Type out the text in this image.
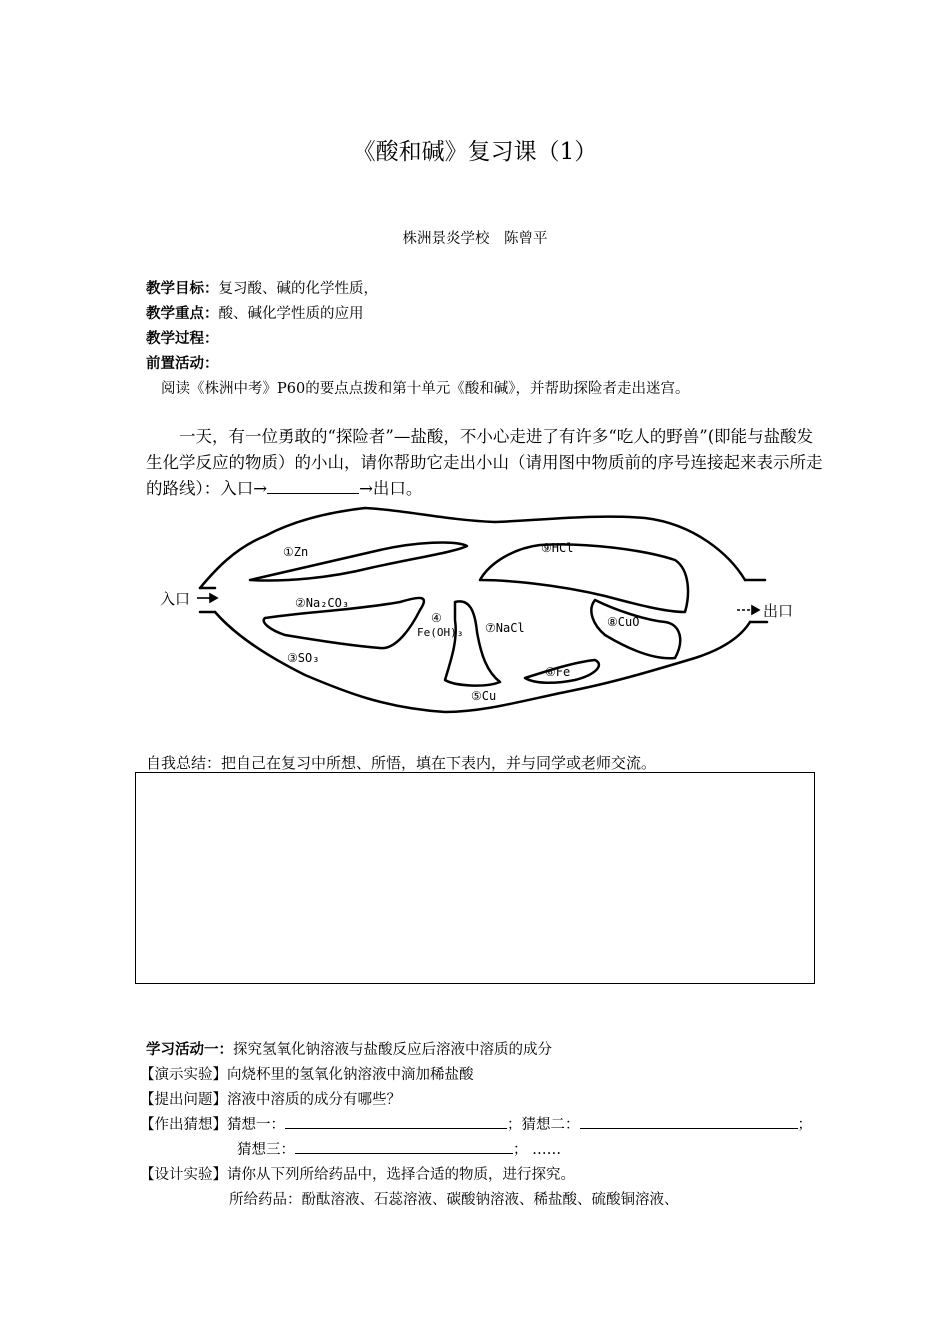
《酸和碱》复习课（1）
株洲景炎学校　陈曾平
教学目标：复习酸、碱的化学性质，
教学重点：酸、碱化学性质的应用
教学过程：
前置活动：
阅读《株洲中考》P60的要点点拨和第十单元《酸和碱》，并帮助探险者走出迷宫。
一天，有一位勇敢的“探险者”—盐酸，不小心走进了有许多“吃人的野兽”(即能与盐酸发生化学反应的物质）的小山，请你帮助它走出小山（请用图中物质前的序号连接起来表示所走的路线）：入口→	→出口。
①Zn
②Na₂CO₃
③SO₃
④
Fe(OH)₃
⑤Cu
⑥Fe
⑦NaCl	⑧CuO
⑨HCl
入口
出口
自我总结：把自己在复习中所想、所悟，填在下表内，并与同学或老师交流。
学习活动一：探究氢氧化钠溶液与盐酸反应后溶液中溶质的成分
【演示实验】向烧杯里的氢氧化钠溶液中滴加稀盐酸
【提出问题】溶液中溶质的成分有哪些？
【作出猜想】猜想一：	；猜想二：	；
猜想三：	； ……
【设计实验】请你从下列所给药品中，选择合适的物质，进行探究。
所给药品：酚酞溶液、石蕊溶液、碳酸钠溶液、稀盐酸、硫酸铜溶液、
